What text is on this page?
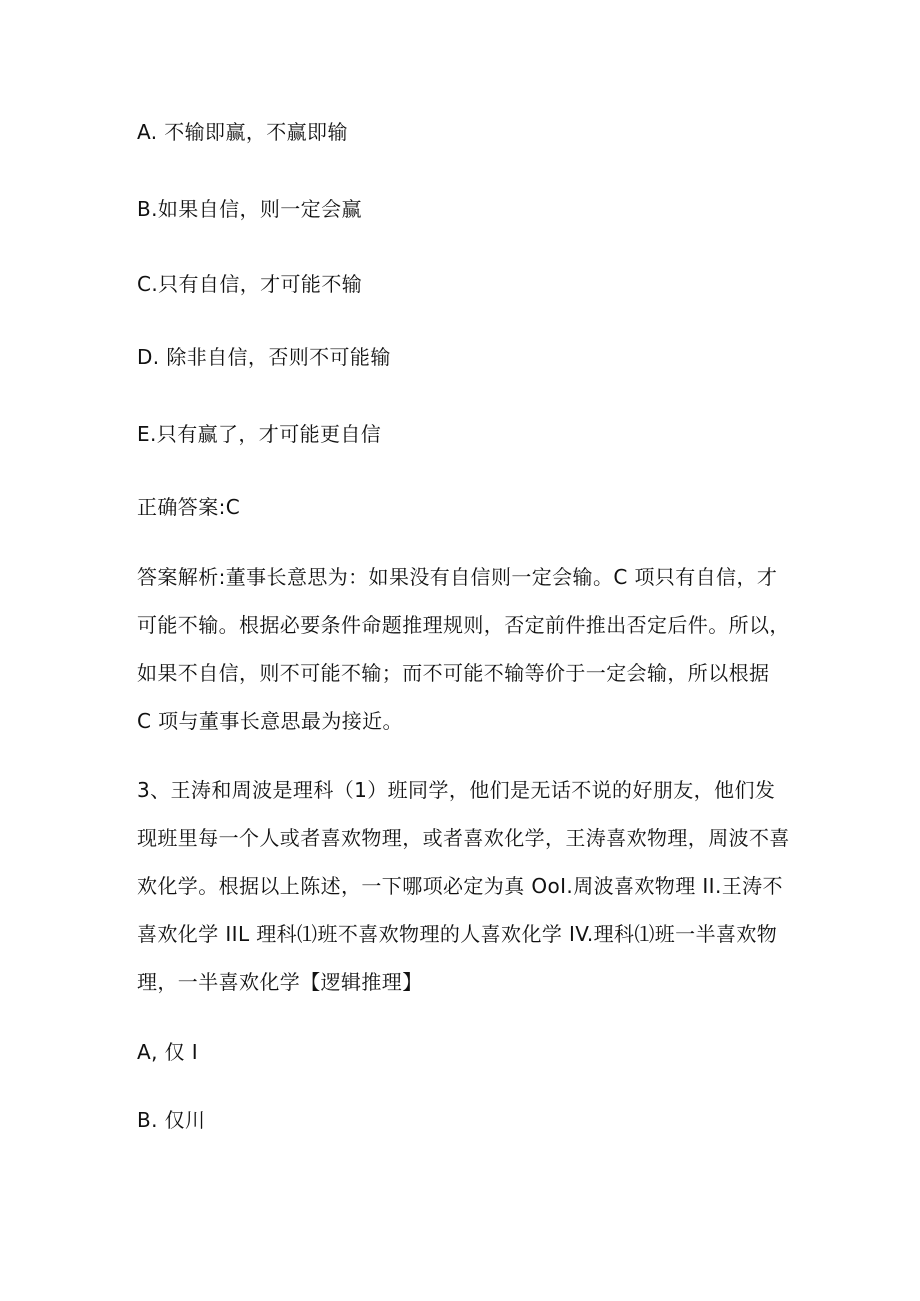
A. 不输即赢，不赢即输
B.如果自信，则一定会赢
C.只有自信，才可能不输
D. 除非自信，否则不可能输
E.只有赢了，才可能更自信
正确答案:C

答案解析:董事长意思为：如果没有自信则一定会输。C 项只有自信，才

可能不输。根据必要条件命题推理规则，否定前件推出否定后件。所以，

如果不自信，则不可能不输；而不可能不输等价于一定会输，所以根据

C 项与董事长意思最为接近。

3、王涛和周波是理科（1）班同学，他们是无话不说的好朋友，他们发

现班里每一个人或者喜欢物理，或者喜欢化学，王涛喜欢物理，周波不喜

欢化学。根据以上陈述，一下哪项必定为真 OoI.周波喜欢物理 II.王涛不

喜欢化学 IIL 理科⑴班不喜欢物理的人喜欢化学 IV.理科⑴班一半喜欢物

理，一半喜欢化学【逻辑推理】

A, 仅 I
B. 仅川
